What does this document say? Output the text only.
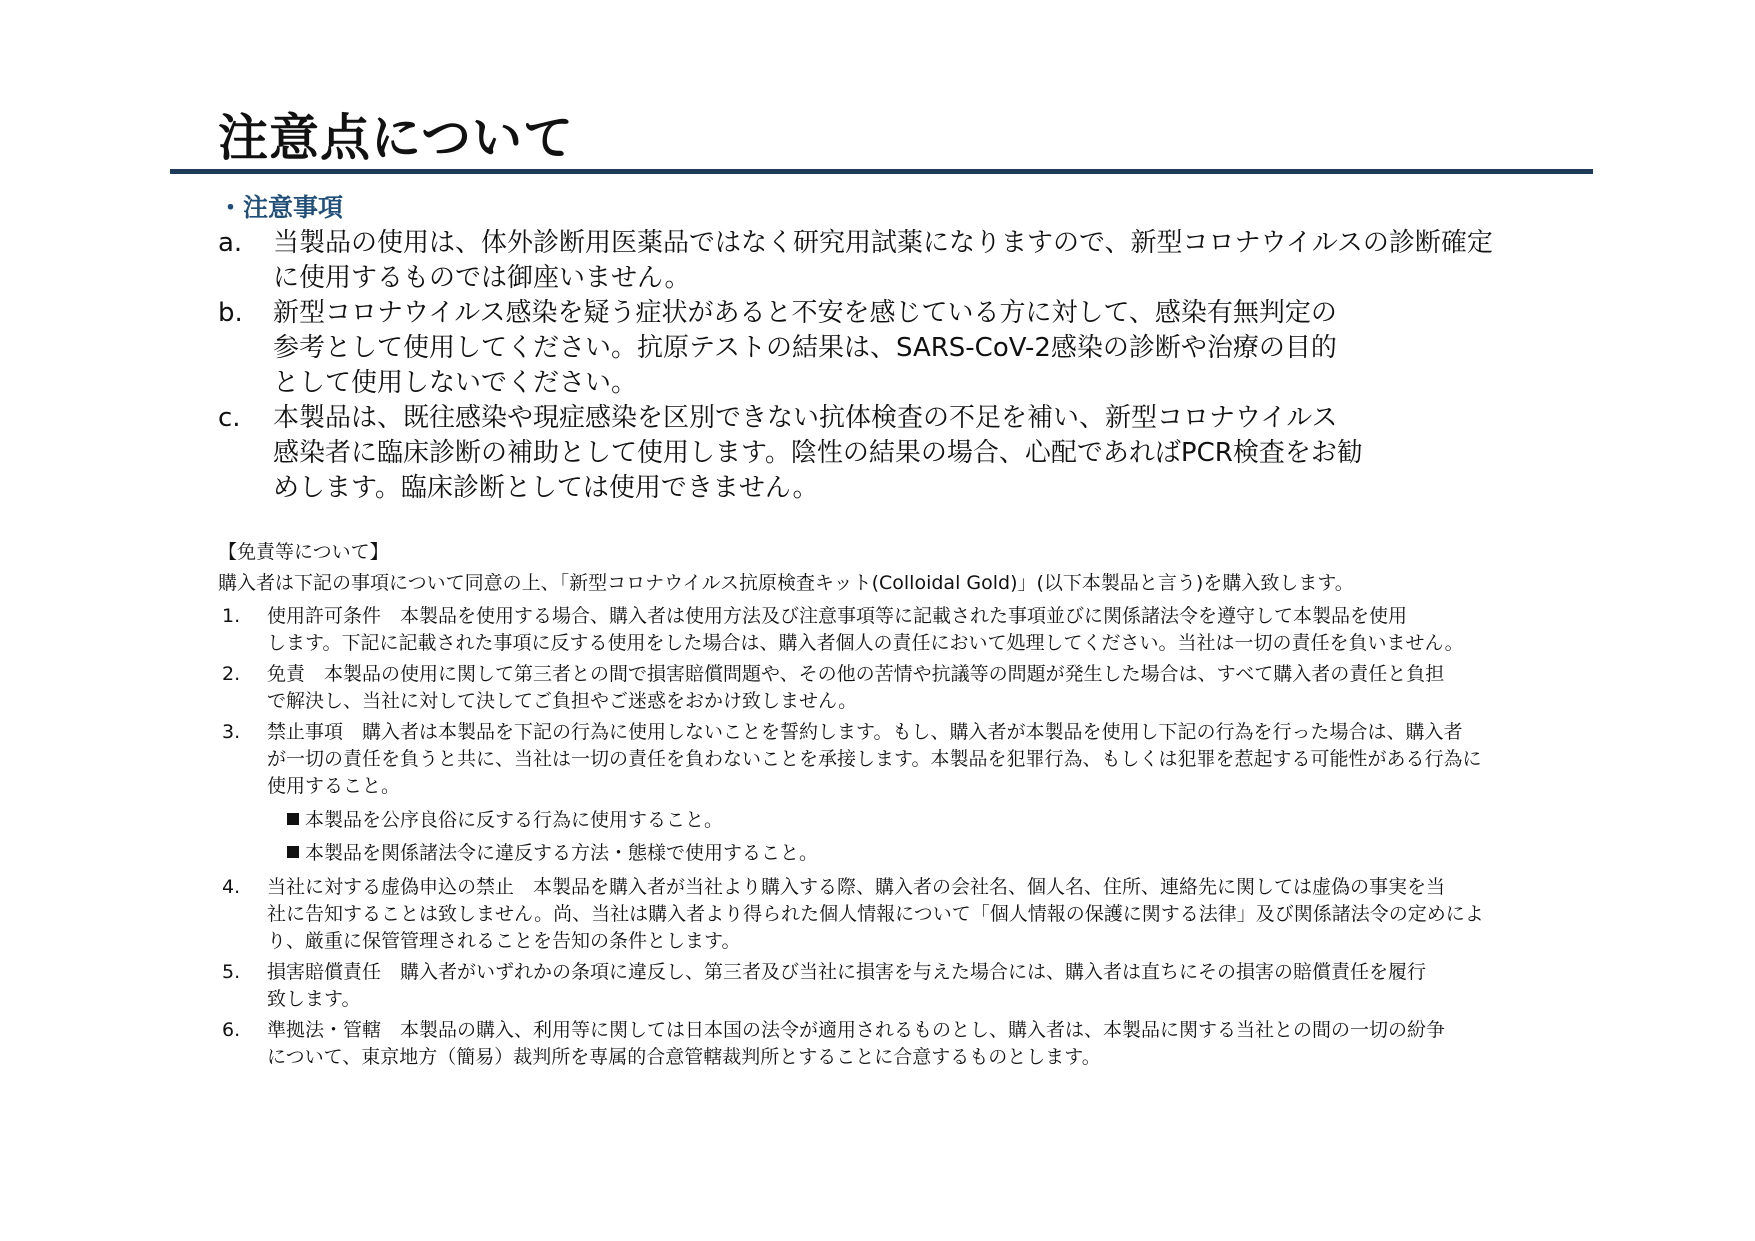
注意点について
・注意事項
a.	当製品の使用は、体外診断用医薬品ではなく研究用試薬になりますので、新型コロナウイルスの診断確定
に使用するものでは御座いません。
b.	新型コロナウイルス感染を疑う症状があると不安を感じている方に対して、感染有無判定の
参考として使用してください。抗原テストの結果は、SARS-CoV-2感染の診断や治療の目的
として使用しないでください。
c.	本製品は、既往感染や現症感染を区別できない抗体検査の不足を補い、新型コロナウイルス
感染者に臨床診断の補助として使用します。陰性の結果の場合、心配であればPCR検査をお勧
めします。臨床診断としては使用できません。
【免責等について】
購入者は下記の事項について同意の上、「新型コロナウイルス抗原検査キット(Colloidal Gold)」(以下本製品と言う)を購入致します。
1.	使用許可条件　本製品を使用する場合、購入者は使用方法及び注意事項等に記載された事項並びに関係諸法令を遵守して本製品を使用
します。下記に記載された事項に反する使用をした場合は、購入者個人の責任において処理してください。当社は一切の責任を負いません。
2.	免責　本製品の使用に関して第三者との間で損害賠償問題や、その他の苦情や抗議等の問題が発生した場合は、すべて購入者の責任と負担
で解決し、当社に対して決してご負担やご迷惑をおかけ致しません。
3.	禁止事項　購入者は本製品を下記の行為に使用しないことを誓約します。もし、購入者が本製品を使用し下記の行為を行った場合は、購入者
が一切の責任を負うと共に、当社は一切の責任を負わないことを承接します。本製品を犯罪行為、もしくは犯罪を惹起する可能性がある行為に
使用すること。
本製品を公序良俗に反する行為に使用すること。
本製品を関係諸法令に違反する方法・態様で使用すること。
4.	当社に対する虚偽申込の禁止　本製品を購入者が当社より購入する際、購入者の会社名、個人名、住所、連絡先に関しては虚偽の事実を当
社に告知することは致しません。尚、当社は購入者より得られた個人情報について「個人情報の保護に関する法律」及び関係諸法令の定めによ
り、厳重に保管管理されることを告知の条件とします。
5.	損害賠償責任　購入者がいずれかの条項に違反し、第三者及び当社に損害を与えた場合には、購入者は直ちにその損害の賠償責任を履行
致します。
6.	準拠法・管轄　本製品の購入、利用等に関しては日本国の法令が適用されるものとし、購入者は、本製品に関する当社との間の一切の紛争
について、東京地方（簡易）裁判所を専属的合意管轄裁判所とすることに合意するものとします。
